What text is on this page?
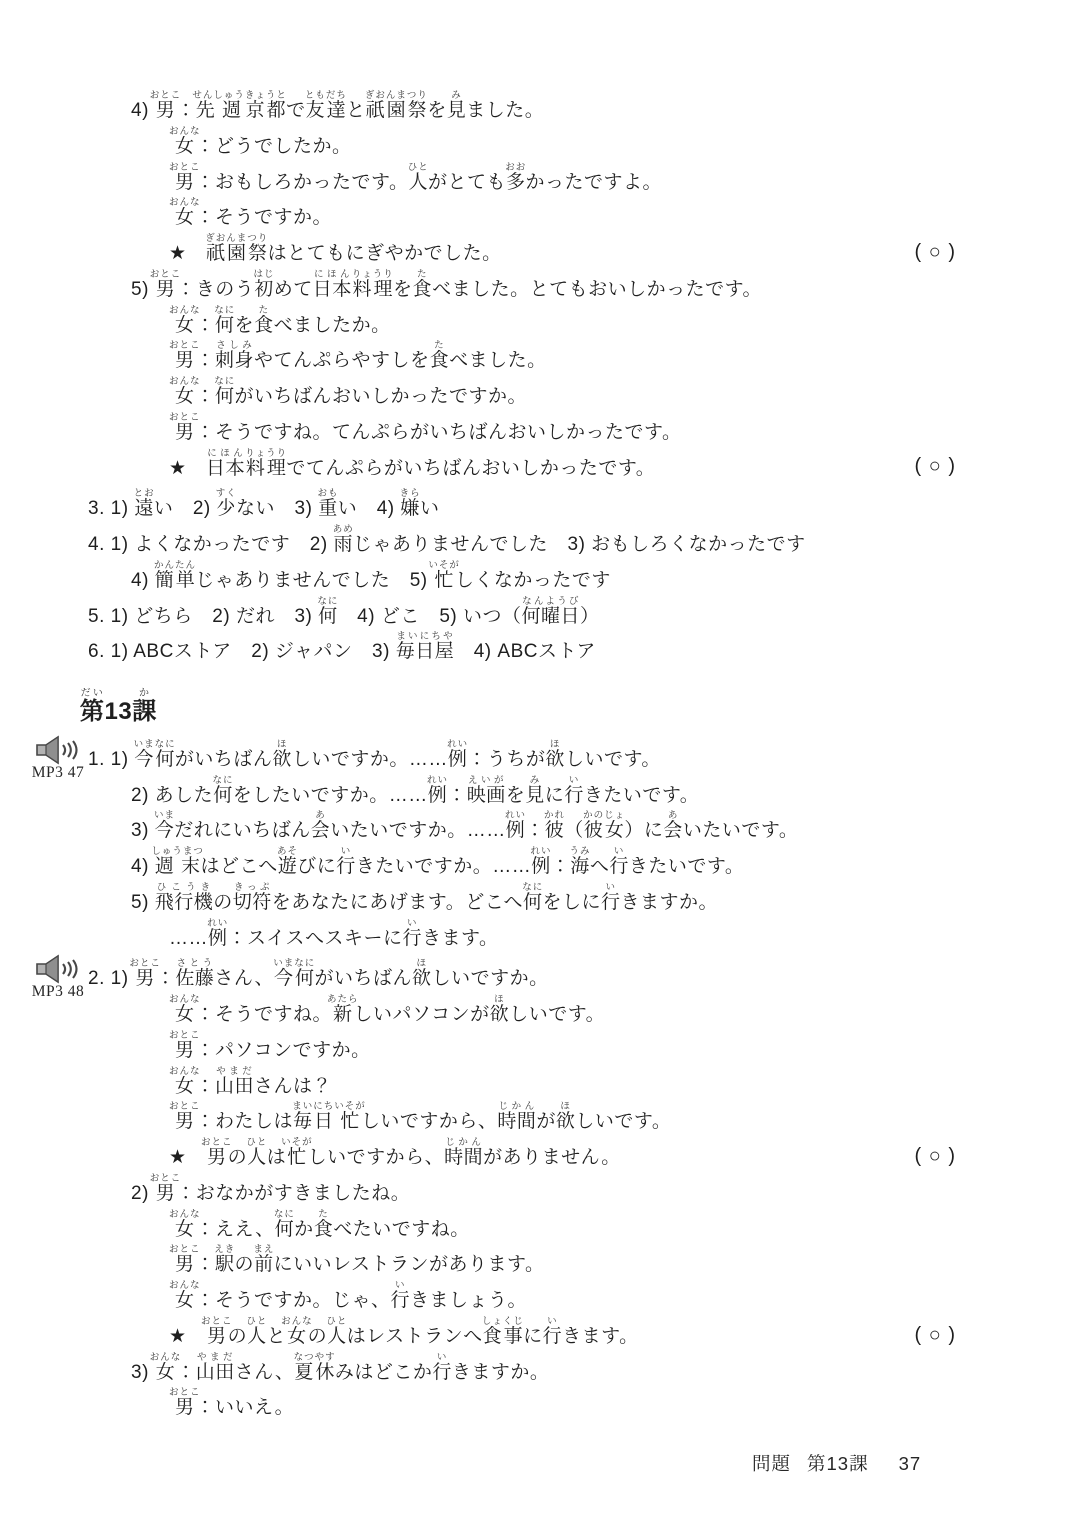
4) 男おとこ：先週せんしゅう京都きょうとで友達ともだちと祇園祭ぎおんまつりを見みました。
女おんな：どうでしたか。
男おとこ：おもしろかったです。人ひとがとても多おおかったですよ。
女おんな：そうですか。
★　祇園祭ぎおんまつりはとてもにぎやかでした。	( ○ )
5) 男おとこ：きのう初はじめて日本にほん料理りょうりを食たべました。とてもおいしかったです。
女おんな：何なにを食たべましたか。
男おとこ：刺身さしみやてんぷらやすしを食たべました。
女おんな：何なにがいちばんおいしかったですか。
男おとこ：そうですね。てんぷらがいちばんおいしかったです。
★　日本にほん料理りょうりでてんぷらがいちばんおいしかったです。	( ○ )
3. 1) 遠とおい　2) 少すくない　3) 重おもい　4) 嫌きらい
4. 1) よくなかったです　2) 雨あめじゃありませんでした　3) おもしろくなかったです
4) 簡単かんたんじゃありませんでした　5) 忙いそがしくなかったです
5. 1) どちら　2) だれ　3) 何なに　4) どこ　5) いつ（何曜日なんようび）
6. 1) ABCストア　2) ジャパン　3) 毎日屋まいにちや　4) ABCストア
第だい13課か
1. 1) 今いま何なにがいちばん欲ほしいですか。……例れい：うちが欲ほしいです。
MP3 47
2) あした何なにをしたいですか。……例れい：映画えいがを見みに行いきたいです。
3) 今いまだれにいちばん会あいたいですか。……例れい：彼かれ（彼女かのじょ）に会あいたいです。
4) 週末しゅうまつはどこへ遊あそびに行いきたいですか。……例れい：海うみへ行いきたいです。
5) 飛行機ひこうきの切符きっぷをあなたにあげます。どこへ何なにをしに行いきますか。
……例れい：スイスへスキーに行いきます。
2. 1) 男おとこ：佐藤さとうさん、今いま何なにがいちばん欲ほしいですか。
MP3 48
女おんな：そうですね。新あたらしいパソコンが欲ほしいです。
男おとこ：パソコンですか。
女おんな：山田やまださんは？
男おとこ：わたしは毎日まいにち忙いそがしいですから、時間じかんが欲ほしいです。
★　男おとこの人ひとは忙いそがしいですから、時間じかんがありません。	( ○ )
2) 男おとこ：おなかがすきましたね。
女おんな：ええ、何なにか食たべたいですね。
男おとこ：駅えきの前まえにいいレストランがあります。
女おんな：そうですか。じゃ、行いきましょう。
★　男おとこの人ひとと女おんなの人ひとはレストランへ食事しょくじに行いきます。	( ○ )
3) 女おんな：山田やまださん、夏休なつやすみはどこか行いきますか。
男おとこ：いいえ。
問題 第13課 37
